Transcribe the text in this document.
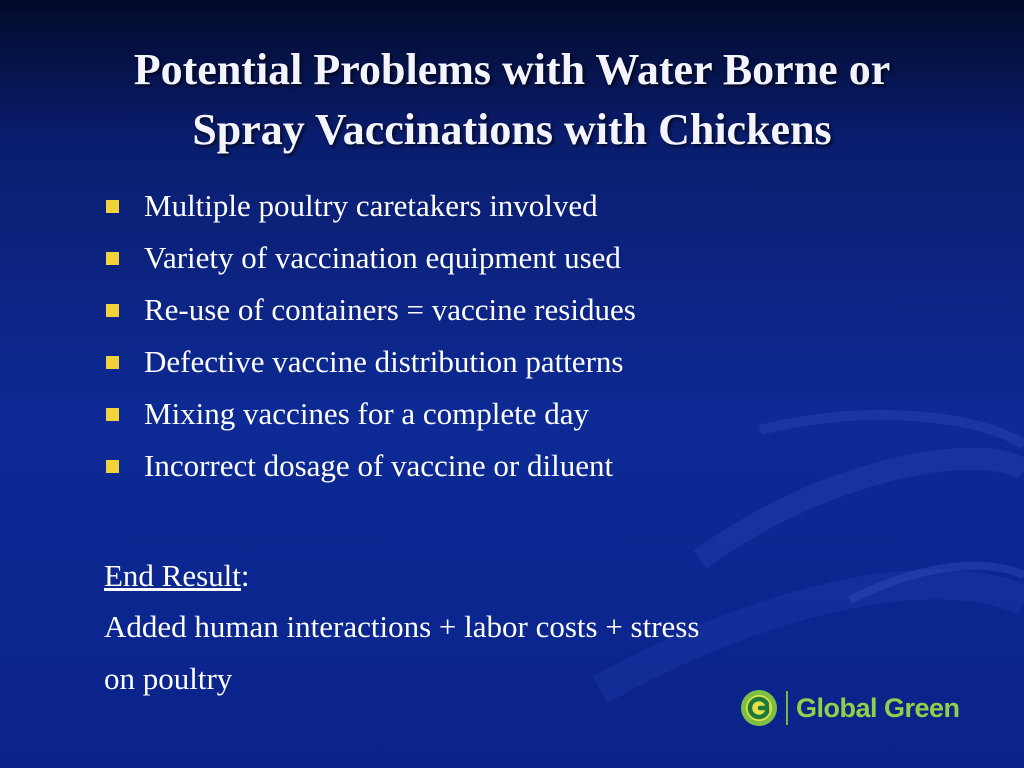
Potential Problems with Water Borne or
Spray Vaccinations with Chickens
Multiple poultry caretakers involved
Variety of vaccination equipment used
Re-use of containers = vaccine residues
Defective vaccine distribution patterns
Mixing vaccines for a complete day
Incorrect dosage of vaccine or diluent
End Result:
Added human interactions + labor costs + stress
on poultry
Global Green
